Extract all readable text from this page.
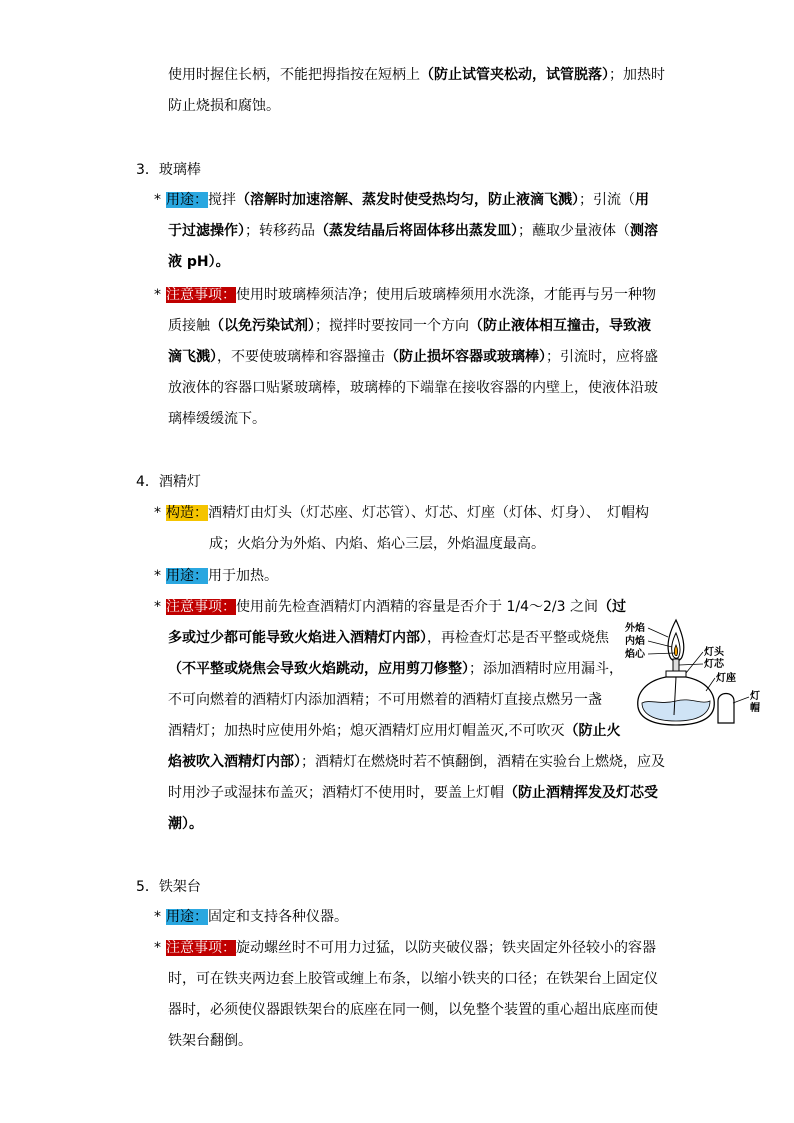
使用时握住长柄，不能把拇指按在短柄上（防止试管夹松动，试管脱落）；加热时
防止烧损和腐蚀。
3．玻璃棒
* 用途：搅拌（溶解时加速溶解、蒸发时使受热均匀，防止液滴飞溅）；引流（用
于过滤操作）；转移药品（蒸发结晶后将固体移出蒸发皿）；蘸取少量液体（测溶
液 pH）。
* 注意事项：使用时玻璃棒须洁净；使用后玻璃棒须用水洗涤，才能再与另一种物
质接触（以免污染试剂）；搅拌时要按同一个方向（防止液体相互撞击，导致液
滴飞溅），不要使玻璃棒和容器撞击（防止损坏容器或玻璃棒）；引流时，应将盛
放液体的容器口贴紧玻璃棒，玻璃棒的下端靠在接收容器的内壁上，使液体沿玻
璃棒缓缓流下。
4．酒精灯
* 构造：酒精灯由灯头（灯芯座、灯芯管）、灯芯、灯座（灯体、灯身）、　灯帽构
成；火焰分为外焰、内焰、焰心三层，外焰温度最高。
* 用途：用于加热。
* 注意事项：使用前先检查酒精灯内酒精的容量是否介于 1/4～2/3 之间（过
多或过少都可能导致火焰进入酒精灯内部），再检查灯芯是否平整或烧焦
（不平整或烧焦会导致火焰跳动，应用剪刀修整）；添加酒精时应用漏斗，
不可向燃着的酒精灯内添加酒精；不可用燃着的酒精灯直接点燃另一盏
酒精灯；加热时应使用外焰；熄灭酒精灯应用灯帽盖灭,不可吹灭（防止火
焰被吹入酒精灯内部）；酒精灯在燃烧时若不慎翻倒，酒精在实验台上燃烧，应及
时用沙子或湿抹布盖灭；酒精灯不使用时，要盖上灯帽（防止酒精挥发及灯芯受
潮）。
外焰
内焰
焰心	灯头
灯芯
灯座
灯
帽
5．铁架台
* 用途：固定和支持各种仪器。
* 注意事项：旋动螺丝时不可用力过猛，以防夹破仪器；铁夹固定外径较小的容器
时，可在铁夹两边套上胶管或缠上布条，以缩小铁夹的口径；在铁架台上固定仪
器时，必须使仪器跟铁架台的底座在同一侧，以免整个装置的重心超出底座而使
铁架台翻倒。
